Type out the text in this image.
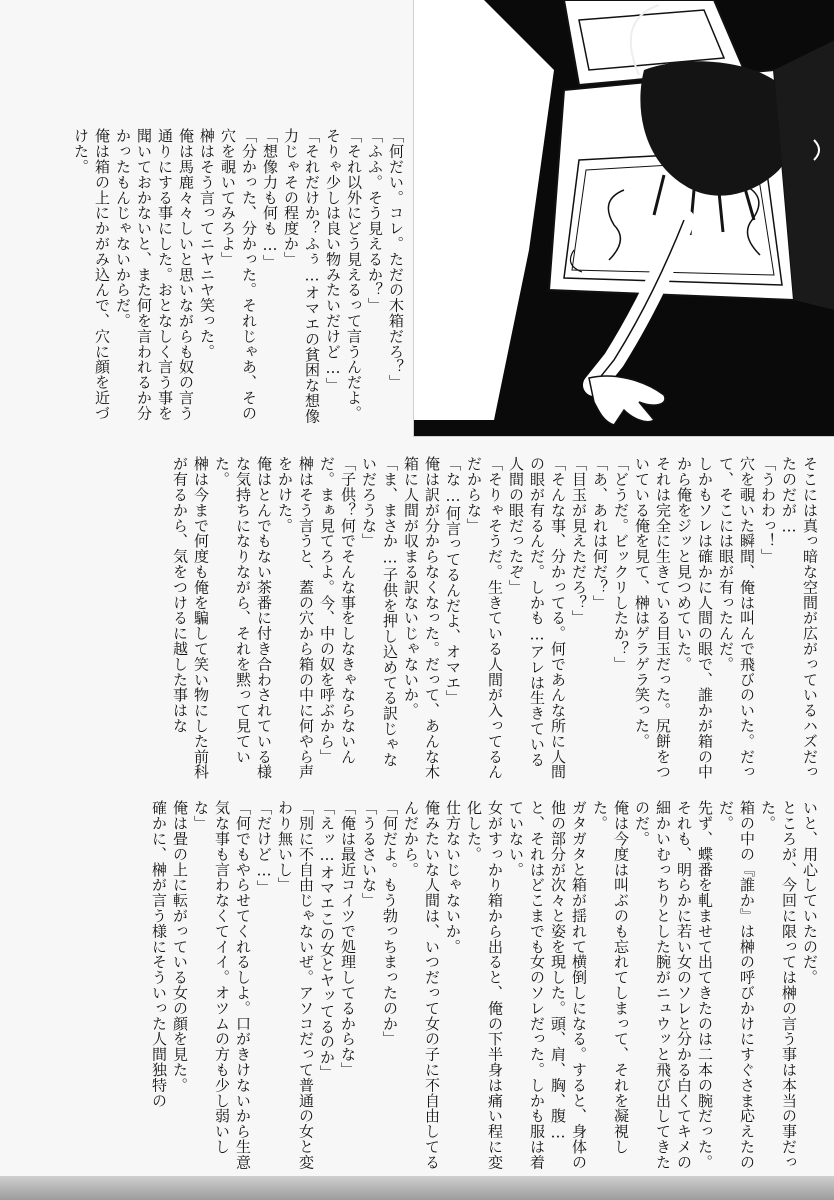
「何だい。コレ。ただの木箱だろ？」

「ふふ。そう見えるか？」

「それ以外にどう見えるって言うんだよ。そりゃ少しは良い物みたいだけど…」

「それだけか？ふぅ…オマエの貧困な想像力じゃその程度か」

「想像力も何も…」

「分かった、分かった。それじゃあ、その穴を覗いてみろよ」

榊はそう言ってニヤニヤ笑った。

俺は馬鹿々々しいと思いながらも奴の言う通りにする事にした。おとなしく言う事を聞いておかないと、また何を言われるか分かったもんじゃないからだ。

俺は箱の上にかがみ込んで、穴に顔を近づけた。

そこには真っ暗な空間が広がっているハズだったのだが…

「うわわっ！」

穴を覗いた瞬間、俺は叫んで飛びのいた。だって、そこには眼が有ったんだ。

しかもソレは確かに人間の眼で、誰かが箱の中から俺をジッと見つめていた。

それは完全に生きている目玉だった。尻餅をついている俺を見て、榊はゲラゲラ笑った。

「どうだ。ビックリしたか？」

「あ、あれは何だ？」

「目玉が見えただろ？」

「そんな事、分かってる。何であんな所に人間の眼が有るんだ。しかも…アレは生きている人間の眼だったぞ」

「そりゃそうだ。生きている人間が入ってるんだからな」

「な…何言ってるんだよ、オマエ」

俺は訳が分からなくなった。だって、あんな木箱に人間が収まる訳ないじゃないか。

「ま、まさか…子供を押し込めてる訳じゃないだろうな」

「子供？何でそんな事をしなきゃならないんだ。まぁ見てろよ。今、中の奴を呼ぶから」

榊はそう言うと、蓋の穴から箱の中に何やら声をかけた。

俺はとんでもない茶番に付き合わされている様な気持ちになりながら、それを黙って見ていた。

榊は今まで何度も俺を騙して笑い物にした前科が有るから、気をつけるに越した事はな

いと、用心していたのだ。

ところが、今回に限っては榊の言う事は本当の事だった。

箱の中の『誰か』は榊の呼びかけにすぐさま応えたのだ。

先ず、蝶番を軋ませて出てきたのは二本の腕だった。それも、明らかに若い女のソレと分かる白くてキメの細かいむっちりとした腕がニュウッと飛び出してきたのだ。

俺は今度は叫ぶのも忘れてしまって、それを凝視した。

ガタガタと箱が揺れて横倒しになる。すると、身体の他の部分が次々と姿を現した。頭、肩、胸、腹…と、それはどこまでも女のソレだった。しかも服は着ていない。

女がすっかり箱から出ると、俺の下半身は痛い程に変化した。

仕方ないじゃないか。

俺みたいな人間は、いつだって女の子に不自由してるんだから。

「何だよ。もう勃っちまったのか」

「うるさいな」

「俺は最近コイツで処理してるからな」

「えッ…オマエこの女とヤッてるのか」

「別に不自由じゃないぜ。アソコだって普通の女と変わり無いし」

「だけど…」

「何でもやらせてくれるしよ。口がきけないから生意気な事も言わなくてイイ。オツムの方も少し弱いしな」

俺は畳の上に転がっている女の顔を見た。

確かに、榊が言う様にそういった人間独特の
